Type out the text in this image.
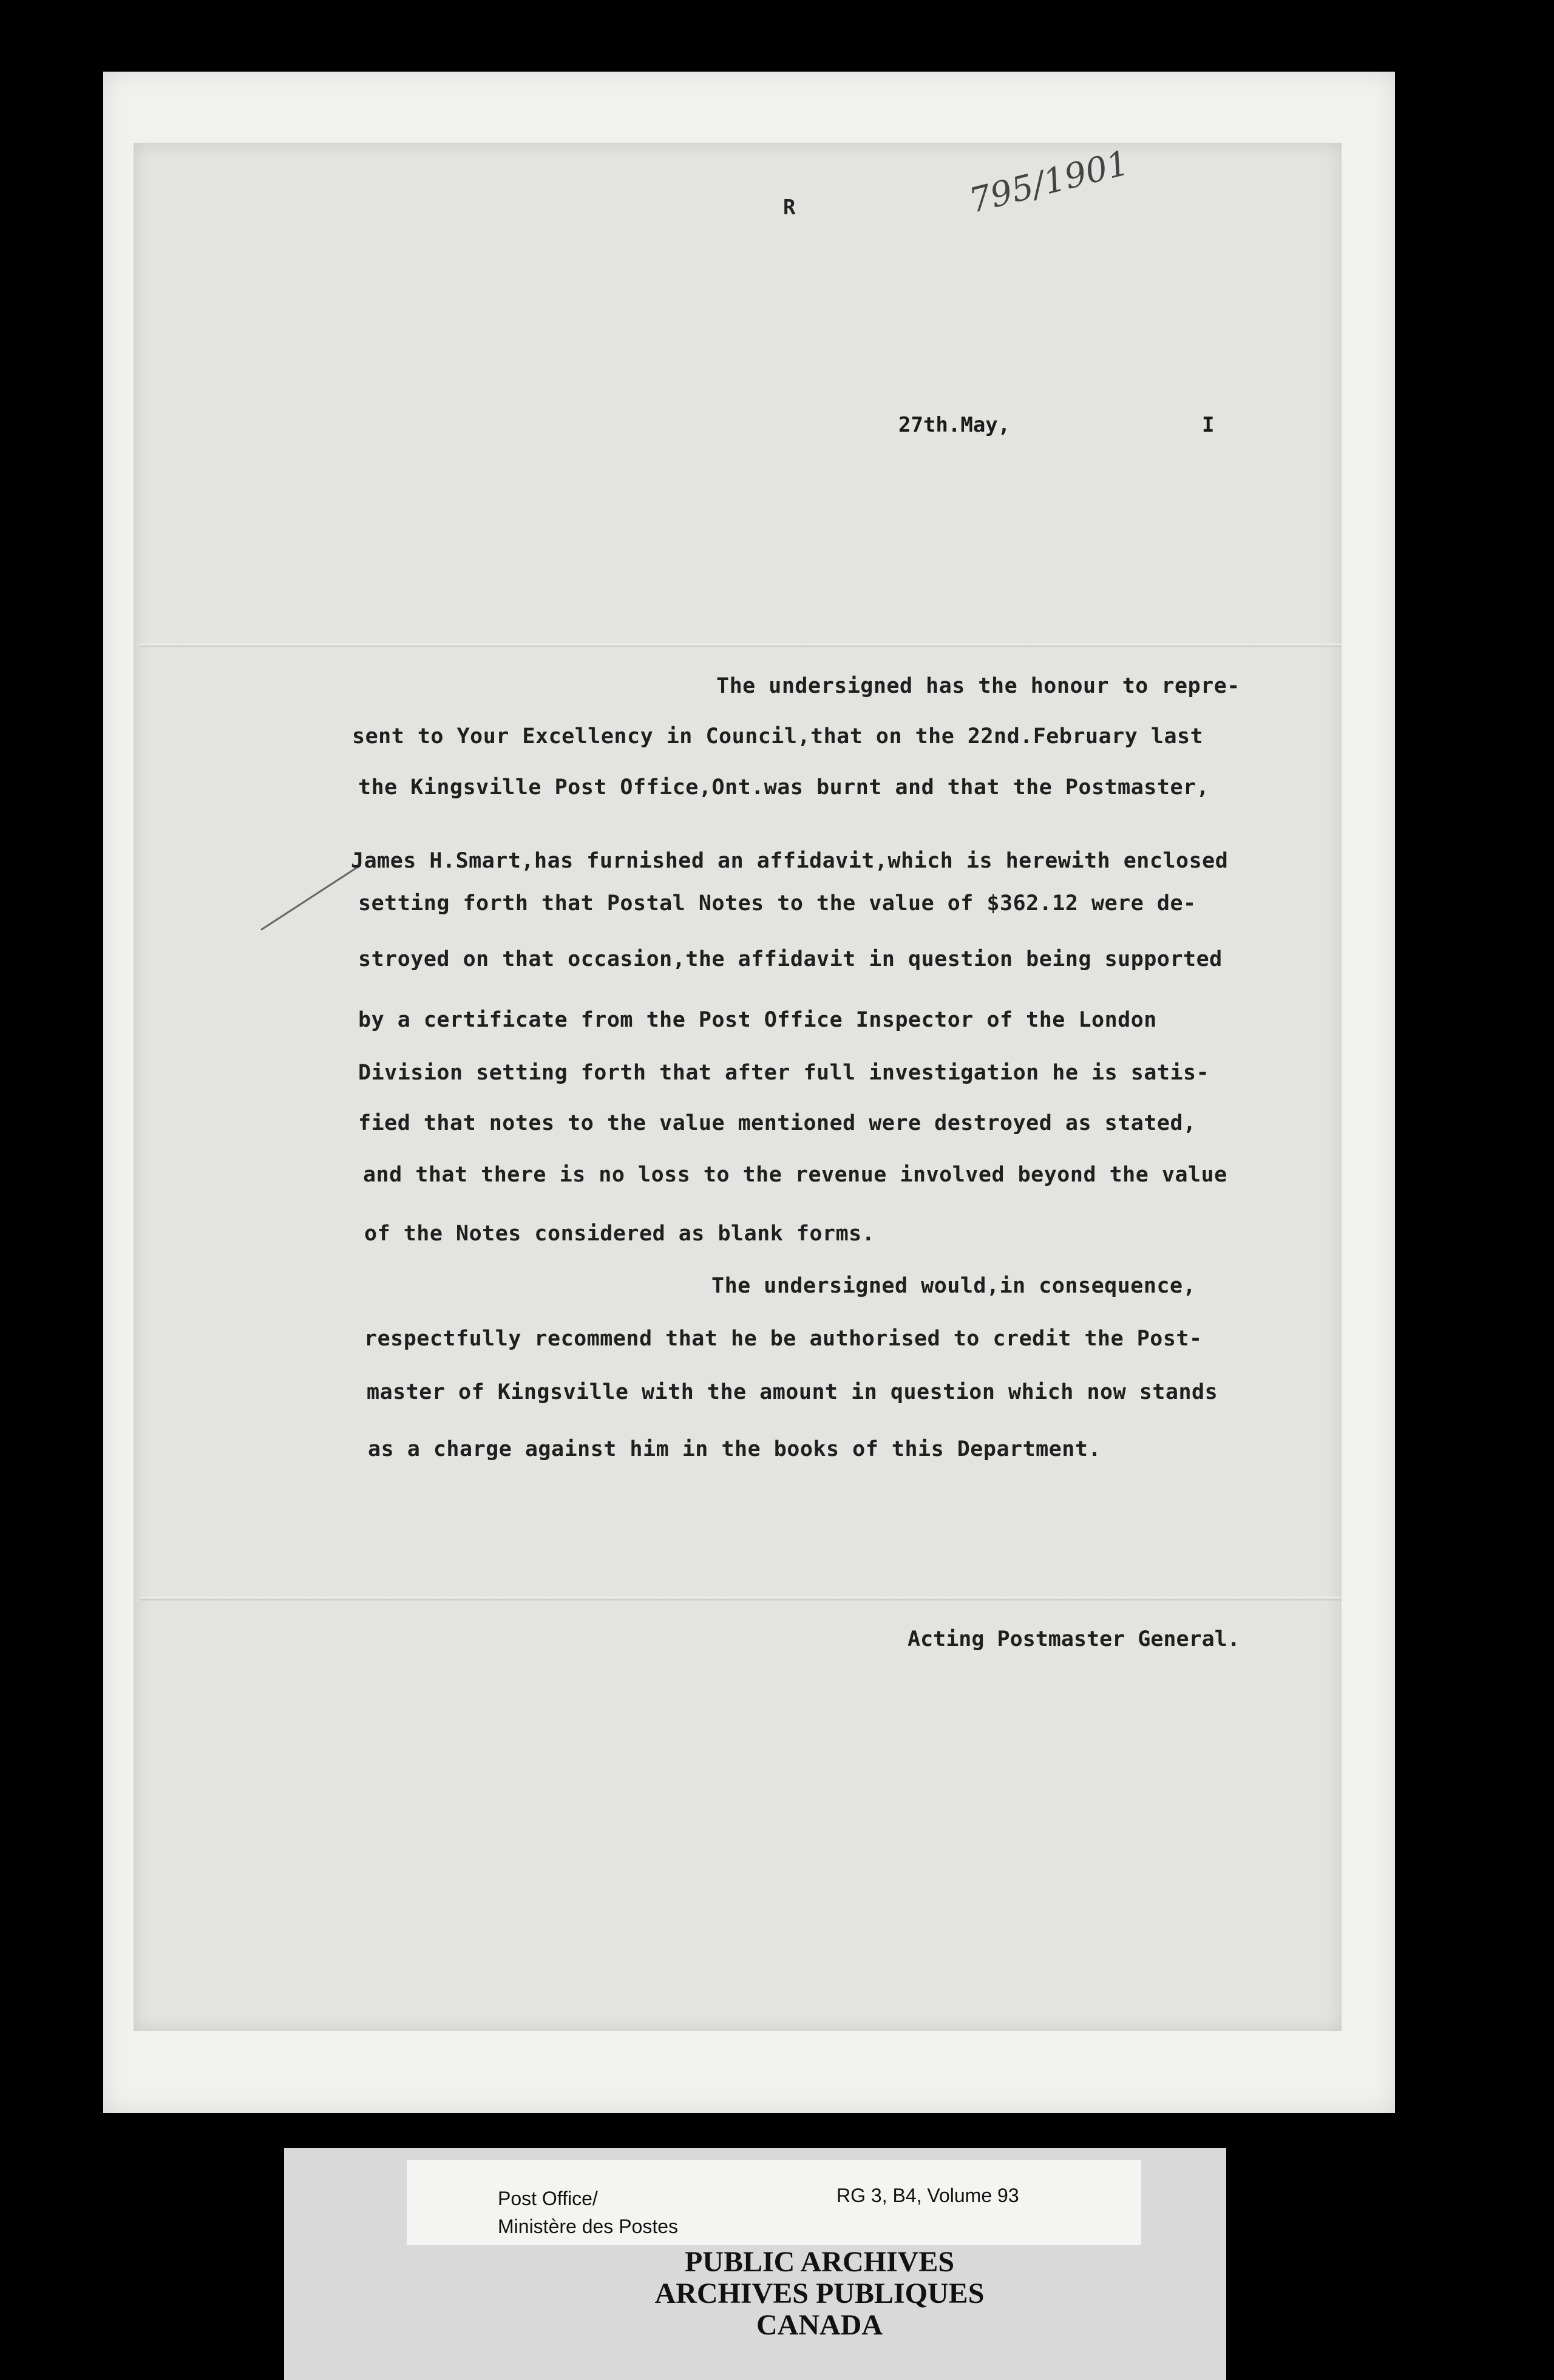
R	795/1901
27th.May,	I
The undersigned has the honour to repre-
sent to Your Excellency in Council,that on the 22nd.February last
the Kingsville Post Office,Ont.was burnt and that the Postmaster,
James H.Smart,has furnished an affidavit,which is herewith enclosed
setting forth that Postal Notes to the value of $362.12 were de-
stroyed on that occasion,the affidavit in question being supported
by a certificate from the Post Office Inspector of the London
Division setting forth that after full investigation he is satis-
fied that notes to the value mentioned were destroyed as stated,
and that there is no loss to the revenue involved beyond the value
of the Notes considered as blank forms.
The undersigned would,in consequence,
respectfully recommend that he be authorised to credit the Post-
master of Kingsville with the amount in question which now stands
as a charge against him in the books of this Department.
Acting Postmaster General.
Post Office/
Ministère des Postes
RG 3, B4, Volume 93
PUBLIC ARCHIVES
ARCHIVES PUBLIQUES
CANADA
